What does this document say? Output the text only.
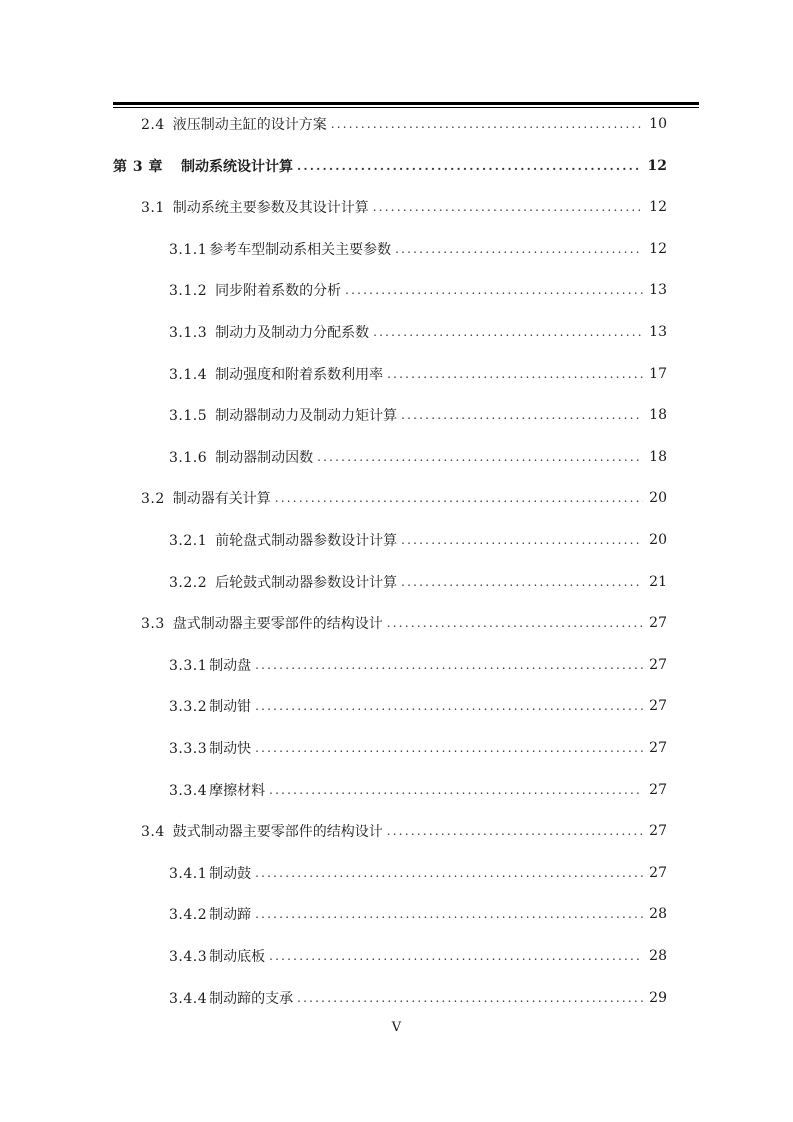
2.4 液压制动主缸的设计方案 .....	10
第 3 章 制动系统设计计算 .....	12
3.1 制动系统主要参数及其设计计算 .....	12
3.1.1 参考车型制动系相关主要参数 .....	12
3.1.2 同步附着系数的分析 .....	13
3.1.3 制动力及制动力分配系数 .....	13
3.1.4 制动强度和附着系数利用率 .....	17
3.1.5 制动器制动力及制动力矩计算 .....	18
3.1.6 制动器制动因数 .....	18
3.2 制动器有关计算 .....	20
3.2.1 前轮盘式制动器参数设计计算 .....	20
3.2.2 后轮鼓式制动器参数设计计算 .....	21
3.3 盘式制动器主要零部件的结构设计 .....	27
3.3.1 制动盘 .....	27
3.3.2 制动钳 .....	27
3.3.3 制动快 .....	27
3.3.4 摩擦材料 .....	27
3.4 鼓式制动器主要零部件的结构设计 .....	27
3.4.1 制动鼓 .....	27
3.4.2 制动蹄 .....	28
3.4.3 制动底板 .....	28
3.4.4 制动蹄的支承 .....	29
V
